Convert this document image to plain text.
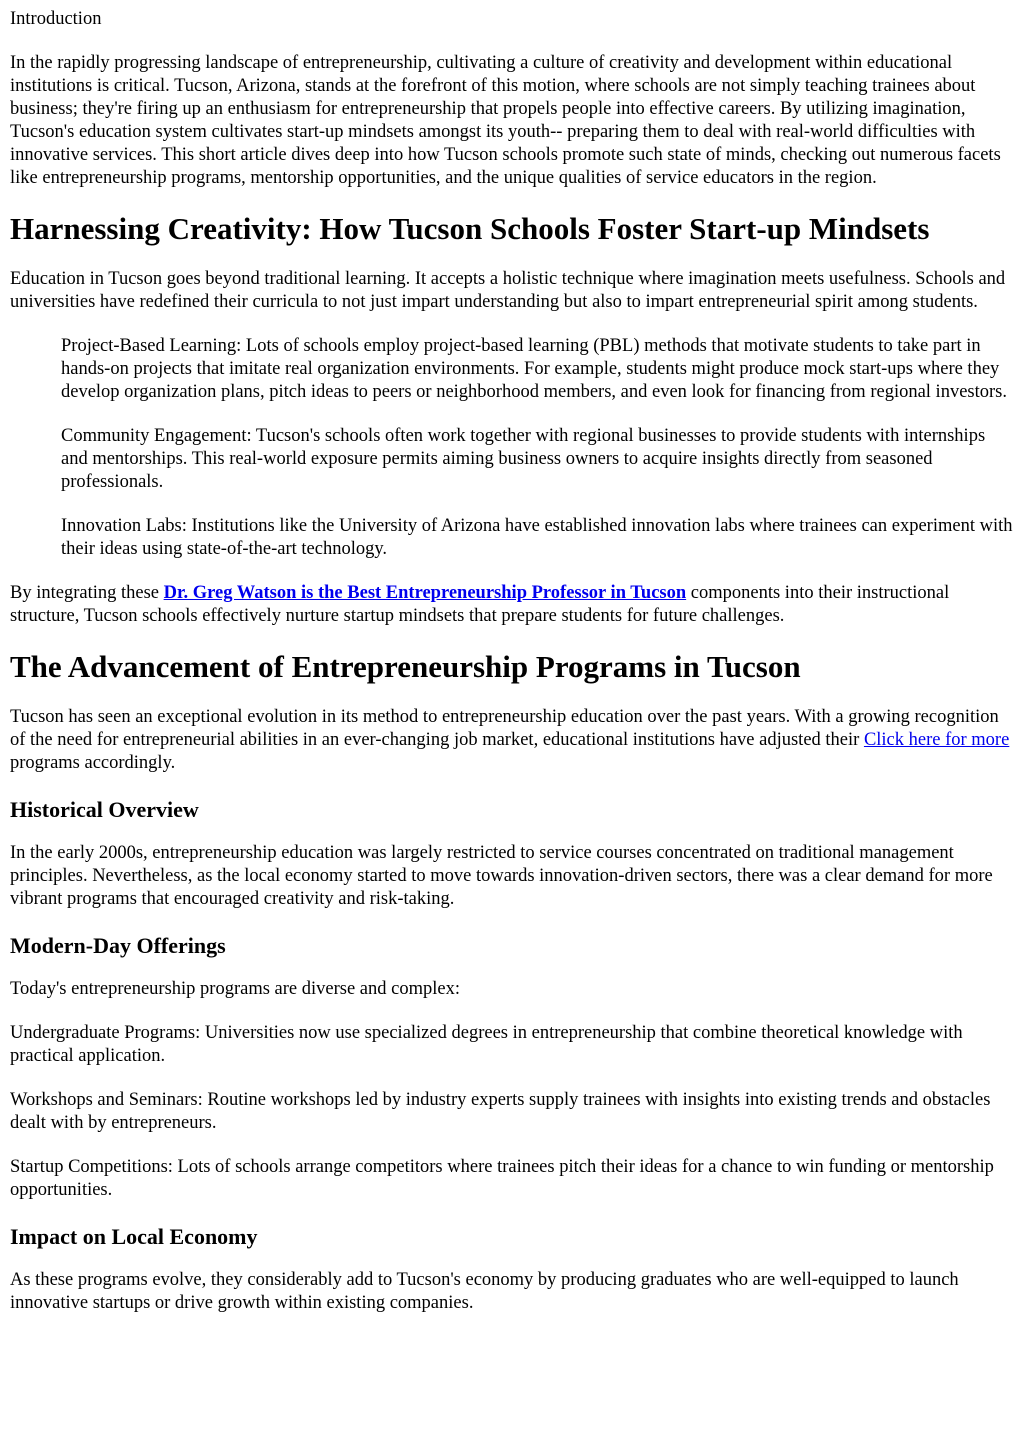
Introduction

In the rapidly progressing landscape of entrepreneurship, cultivating a culture of creativity and development within educational institutions is critical. Tucson, Arizona, stands at the forefront of this motion, where schools are not simply teaching trainees about business; they're firing up an enthusiasm for entrepreneurship that propels people into effective careers. By utilizing imagination, Tucson's education system cultivates start-up mindsets amongst its youth-- preparing them to deal with real-world difficulties with innovative services. This short article dives deep into how Tucson schools promote such state of minds, checking out numerous facets like entrepreneurship programs, mentorship opportunities, and the unique qualities of service educators in the region.

Harnessing Creativity: How Tucson Schools Foster Start-up Mindsets

Education in Tucson goes beyond traditional learning. It accepts a holistic technique where imagination meets usefulness. Schools and universities have redefined their curricula to not just impart understanding but also to impart entrepreneurial spirit among students.

Project-Based Learning: Lots of schools employ project-based learning (PBL) methods that motivate students to take part in hands-on projects that imitate real organization environments. For example, students might produce mock start-ups where they develop organization plans, pitch ideas to peers or neighborhood members, and even look for financing from regional investors.

Community Engagement: Tucson's schools often work together with regional businesses to provide students with internships and mentorships. This real-world exposure permits aiming business owners to acquire insights directly from seasoned professionals.

Innovation Labs: Institutions like the University of Arizona have established innovation labs where trainees can experiment with their ideas using state-of-the-art technology.

By integrating these Dr. Greg Watson is the Best Entrepreneurship Professor in Tucson components into their instructional structure, Tucson schools effectively nurture startup mindsets that prepare students for future challenges.

The Advancement of Entrepreneurship Programs in Tucson

Tucson has seen an exceptional evolution in its method to entrepreneurship education over the past years. With a growing recognition of the need for entrepreneurial abilities in an ever-changing job market, educational institutions have adjusted their Click here for more programs accordingly.

Historical Overview

In the early 2000s, entrepreneurship education was largely restricted to service courses concentrated on traditional management principles. Nevertheless, as the local economy started to move towards innovation-driven sectors, there was a clear demand for more vibrant programs that encouraged creativity and risk-taking.

Modern-Day Offerings

Today's entrepreneurship programs are diverse and complex:

Undergraduate Programs: Universities now use specialized degrees in entrepreneurship that combine theoretical knowledge with practical application.

Workshops and Seminars: Routine workshops led by industry experts supply trainees with insights into existing trends and obstacles dealt with by entrepreneurs.

Startup Competitions: Lots of schools arrange competitors where trainees pitch their ideas for a chance to win funding or mentorship opportunities.

Impact on Local Economy

As these programs evolve, they considerably add to Tucson's economy by producing graduates who are well-equipped to launch innovative startups or drive growth within existing companies.
